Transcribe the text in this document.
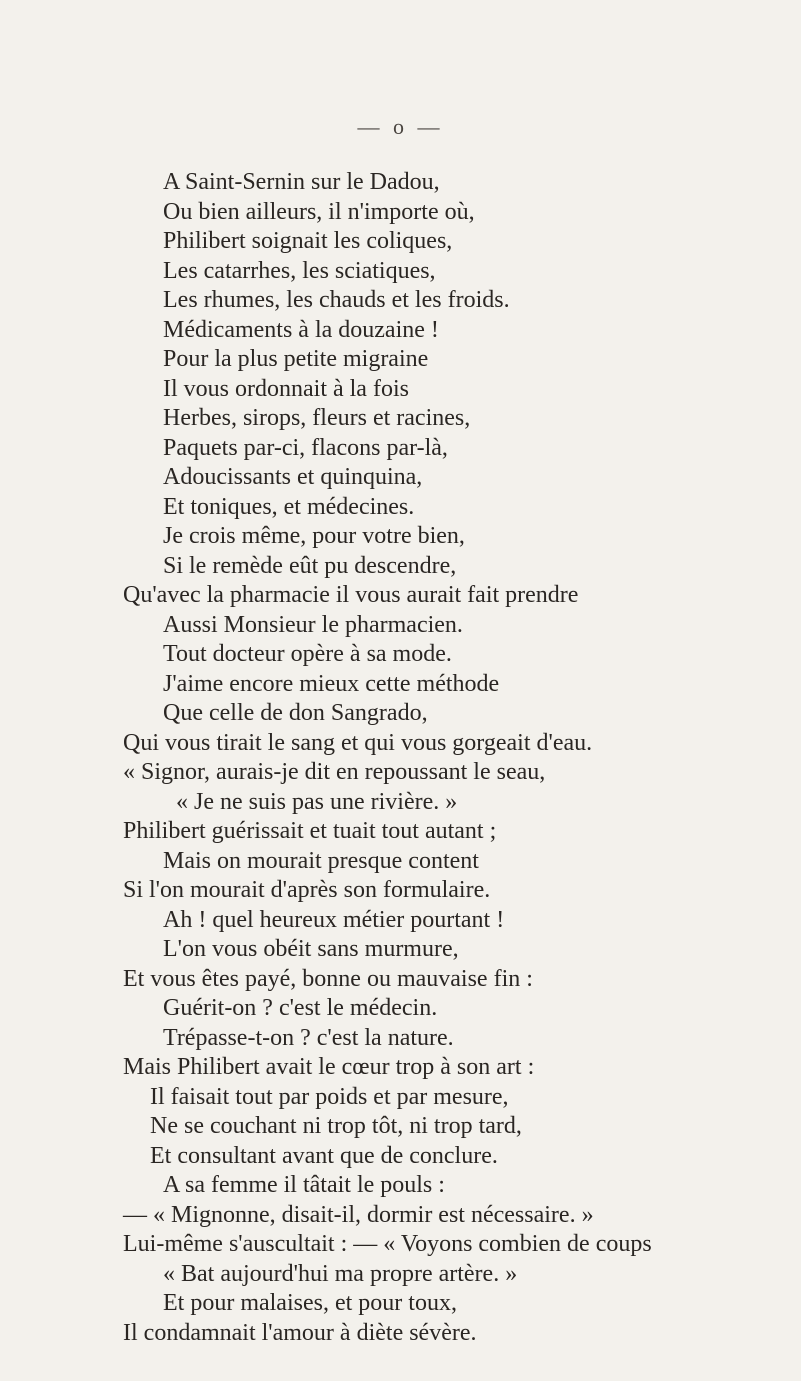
— o —
A Saint-Sernin sur le Dadou,
Ou bien ailleurs, il n'importe où,
Philibert soignait les coliques,
Les catarrhes, les sciatiques,
Les rhumes, les chauds et les froids.
Médicaments à la douzaine !
Pour la plus petite migraine
Il vous ordonnait à la fois
Herbes, sirops, fleurs et racines,
Paquets par-ci, flacons par-là,
Adoucissants et quinquina,
Et toniques, et médecines.
Je crois même, pour votre bien,
Si le remède eût pu descendre,
Qu'avec la pharmacie il vous aurait fait prendre
Aussi Monsieur le pharmacien.
Tout docteur opère à sa mode.
J'aime encore mieux cette méthode
Que celle de don Sangrado,
Qui vous tirait le sang et qui vous gorgeait d'eau.
« Signor, aurais-je dit en repoussant le seau,
« Je ne suis pas une rivière. »
Philibert guérissait et tuait tout autant ;
Mais on mourait presque content
Si l'on mourait d'après son formulaire.
Ah ! quel heureux métier pourtant !
L'on vous obéit sans murmure,
Et vous êtes payé, bonne ou mauvaise fin :
Guérit-on ? c'est le médecin.
Trépasse-t-on ? c'est la nature.
Mais Philibert avait le cœur trop à son art :
Il faisait tout par poids et par mesure,
Ne se couchant ni trop tôt, ni trop tard,
Et consultant avant que de conclure.
A sa femme il tâtait le pouls :
— « Mignonne, disait-il, dormir est nécessaire. »
Lui-même s'auscultait : — « Voyons combien de coups
« Bat aujourd'hui ma propre artère. »
Et pour malaises, et pour toux,
Il condamnait l'amour à diète sévère.
